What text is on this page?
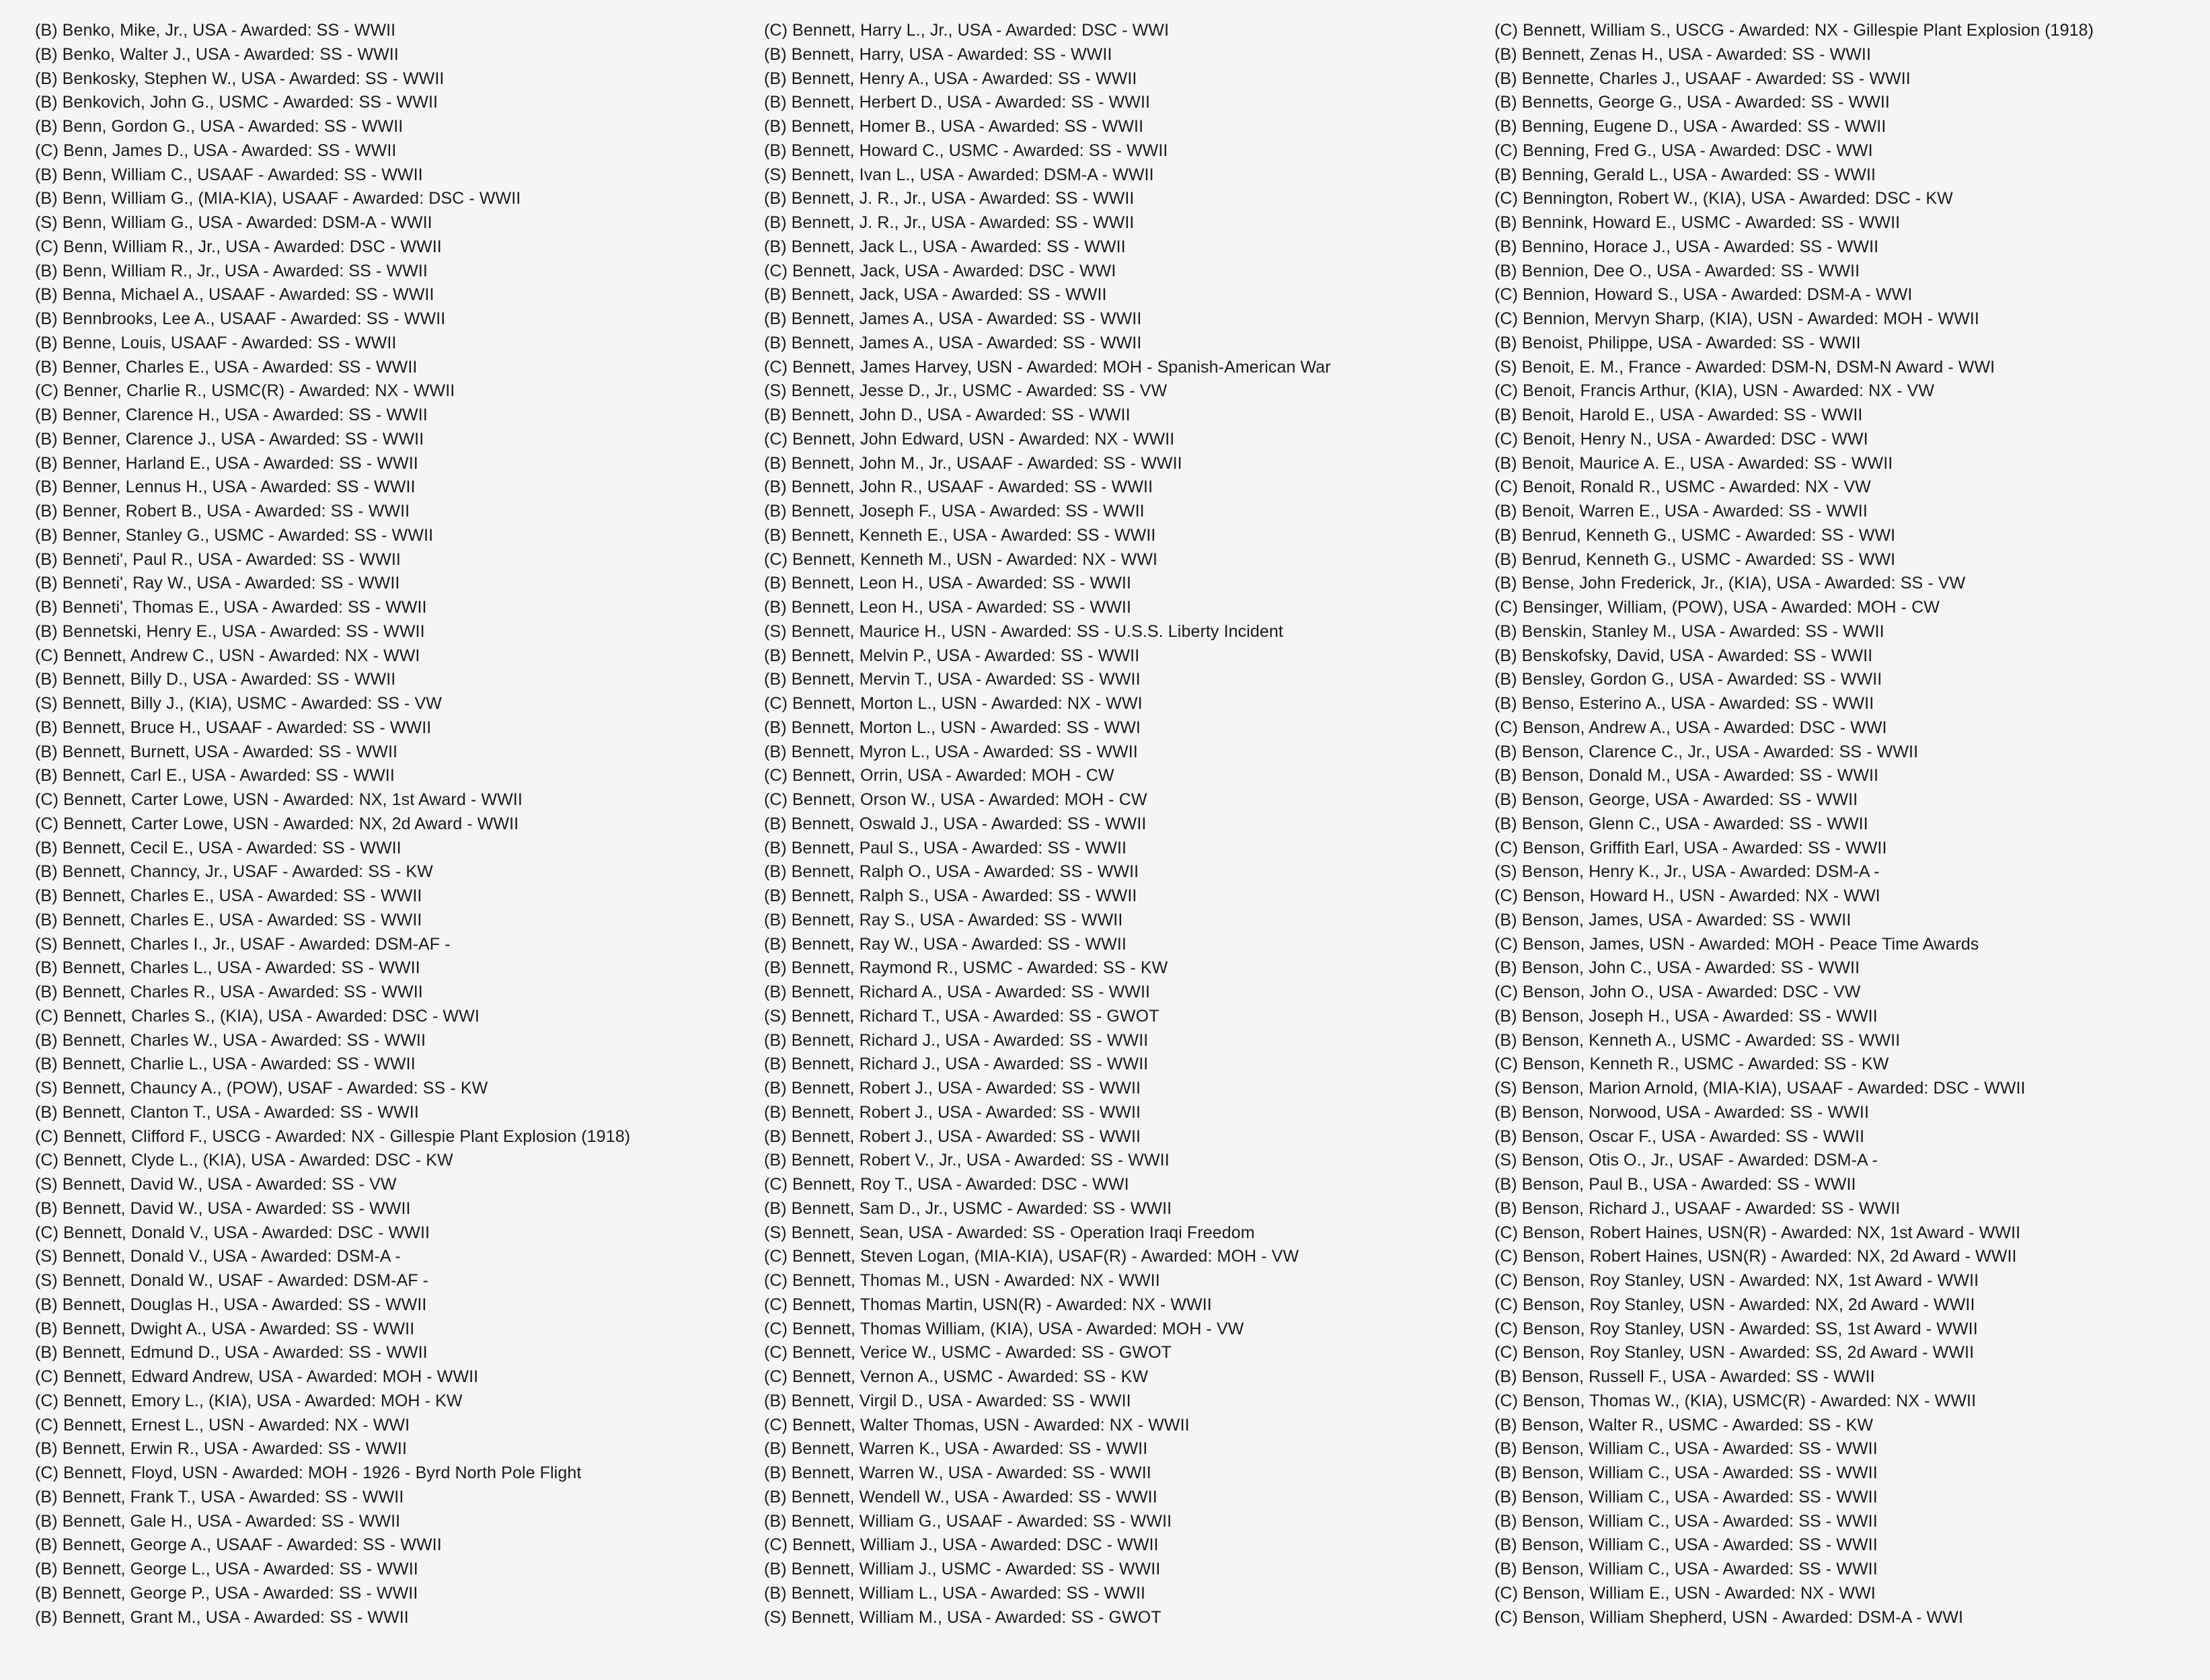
(B) Benko, Mike, Jr., USA - Awarded: SS - WWII
(B) Benko, Walter J., USA - Awarded: SS - WWII
(B) Benkosky, Stephen W., USA - Awarded: SS - WWII
(B) Benkovich, John G., USMC - Awarded: SS - WWII
(B) Benn, Gordon G., USA - Awarded: SS - WWII
(C) Benn, James D., USA - Awarded: SS - WWII
(B) Benn, William C., USAAF - Awarded: SS - WWII
(B) Benn, William G., (MIA-KIA), USAAF - Awarded: DSC - WWII
(S) Benn, William G., USA - Awarded: DSM-A - WWII
(C) Benn, William R., Jr., USA - Awarded: DSC - WWII
(B) Benn, William R., Jr., USA - Awarded: SS - WWII
(B) Benna, Michael A., USAAF - Awarded: SS - WWII
(B) Bennbrooks, Lee A., USAAF - Awarded: SS - WWII
(B) Benne, Louis, USAAF - Awarded: SS - WWII
(B) Benner, Charles E., USA - Awarded: SS - WWII
(C) Benner, Charlie R., USMC(R) - Awarded: NX - WWII
(B) Benner, Clarence H., USA - Awarded: SS - WWII
(B) Benner, Clarence J., USA - Awarded: SS - WWII
(B) Benner, Harland E., USA - Awarded: SS - WWII
(B) Benner, Lennus H., USA - Awarded: SS - WWII
(B) Benner, Robert B., USA - Awarded: SS - WWII
(B) Benner, Stanley G., USMC - Awarded: SS - WWII
(B) Benneti', Paul R., USA - Awarded: SS - WWII
(B) Benneti', Ray W., USA - Awarded: SS - WWII
(B) Benneti', Thomas E., USA - Awarded: SS - WWII
(B) Bennetski, Henry E., USA - Awarded: SS - WWII
(C) Bennett, Andrew C., USN - Awarded: NX - WWI
(B) Bennett, Billy D., USA - Awarded: SS - WWII
(S) Bennett, Billy J., (KIA), USMC - Awarded: SS - VW
(B) Bennett, Bruce H., USAAF - Awarded: SS - WWII
(B) Bennett, Burnett, USA - Awarded: SS - WWII
(B) Bennett, Carl E., USA - Awarded: SS - WWII
(C) Bennett, Carter Lowe, USN - Awarded: NX, 1st Award - WWII
(C) Bennett, Carter Lowe, USN - Awarded: NX, 2d Award - WWII
(B) Bennett, Cecil E., USA - Awarded: SS - WWII
(B) Bennett, Channcy, Jr., USAF - Awarded: SS - KW
(B) Bennett, Charles E., USA - Awarded: SS - WWII
(B) Bennett, Charles E., USA - Awarded: SS - WWII
(S) Bennett, Charles I., Jr., USAF - Awarded: DSM-AF -
(B) Bennett, Charles L., USA - Awarded: SS - WWII
(B) Bennett, Charles R., USA - Awarded: SS - WWII
(C) Bennett, Charles S., (KIA), USA - Awarded: DSC - WWI
(B) Bennett, Charles W., USA - Awarded: SS - WWII
(B) Bennett, Charlie L., USA - Awarded: SS - WWII
(S) Bennett, Chauncy A., (POW), USAF - Awarded: SS - KW
(B) Bennett, Clanton T., USA - Awarded: SS - WWII
(C) Bennett, Clifford F., USCG - Awarded: NX - Gillespie Plant Explosion (1918)
(C) Bennett, Clyde L., (KIA), USA - Awarded: DSC - KW
(S) Bennett, David W., USA - Awarded: SS - VW
(B) Bennett, David W., USA - Awarded: SS - WWII
(C) Bennett, Donald V., USA - Awarded: DSC - WWII
(S) Bennett, Donald V., USA - Awarded: DSM-A -
(S) Bennett, Donald W., USAF - Awarded: DSM-AF -
(B) Bennett, Douglas H., USA - Awarded: SS - WWII
(B) Bennett, Dwight A., USA - Awarded: SS - WWII
(B) Bennett, Edmund D., USA - Awarded: SS - WWII
(C) Bennett, Edward Andrew, USA - Awarded: MOH - WWII
(C) Bennett, Emory L., (KIA), USA - Awarded: MOH - KW
(C) Bennett, Ernest L., USN - Awarded: NX - WWI
(B) Bennett, Erwin R., USA - Awarded: SS - WWII
(C) Bennett, Floyd, USN - Awarded: MOH - 1926 - Byrd North Pole Flight
(B) Bennett, Frank T., USA - Awarded: SS - WWII
(B) Bennett, Gale H., USA - Awarded: SS - WWII
(B) Bennett, George A., USAAF - Awarded: SS - WWII
(B) Bennett, George L., USA - Awarded: SS - WWII
(B) Bennett, George P., USA - Awarded: SS - WWII
(B) Bennett, Grant M., USA - Awarded: SS - WWII
(C) Bennett, Harry L., Jr., USA - Awarded: DSC - WWI
(B) Bennett, Harry, USA - Awarded: SS - WWII
(B) Bennett, Henry A., USA - Awarded: SS - WWII
(B) Bennett, Herbert D., USA - Awarded: SS - WWII
(B) Bennett, Homer B., USA - Awarded: SS - WWII
(B) Bennett, Howard C., USMC - Awarded: SS - WWII
(S) Bennett, Ivan L., USA - Awarded: DSM-A - WWII
(B) Bennett, J. R., Jr., USA - Awarded: SS - WWII
(B) Bennett, J. R., Jr., USA - Awarded: SS - WWII
(B) Bennett, Jack L., USA - Awarded: SS - WWII
(C) Bennett, Jack, USA - Awarded: DSC - WWI
(B) Bennett, Jack, USA - Awarded: SS - WWII
(B) Bennett, James A., USA - Awarded: SS - WWII
(B) Bennett, James A., USA - Awarded: SS - WWII
(C) Bennett, James Harvey, USN - Awarded: MOH - Spanish-American War
(S) Bennett, Jesse D., Jr., USMC - Awarded: SS - VW
(B) Bennett, John D., USA - Awarded: SS - WWII
(C) Bennett, John Edward, USN - Awarded: NX - WWII
(B) Bennett, John M., Jr., USAAF - Awarded: SS - WWII
(B) Bennett, John R., USAAF - Awarded: SS - WWII
(B) Bennett, Joseph F., USA - Awarded: SS - WWII
(B) Bennett, Kenneth E., USA - Awarded: SS - WWII
(C) Bennett, Kenneth M., USN - Awarded: NX - WWI
(B) Bennett, Leon H., USA - Awarded: SS - WWII
(B) Bennett, Leon H., USA - Awarded: SS - WWII
(S) Bennett, Maurice H., USN - Awarded: SS - U.S.S. Liberty Incident
(B) Bennett, Melvin P., USA - Awarded: SS - WWII
(B) Bennett, Mervin T., USA - Awarded: SS - WWII
(C) Bennett, Morton L., USN - Awarded: NX - WWI
(B) Bennett, Morton L., USN - Awarded: SS - WWI
(B) Bennett, Myron L., USA - Awarded: SS - WWII
(C) Bennett, Orrin, USA - Awarded: MOH - CW
(C) Bennett, Orson W., USA - Awarded: MOH - CW
(B) Bennett, Oswald J., USA - Awarded: SS - WWII
(B) Bennett, Paul S., USA - Awarded: SS - WWII
(B) Bennett, Ralph O., USA - Awarded: SS - WWII
(B) Bennett, Ralph S., USA - Awarded: SS - WWII
(B) Bennett, Ray S., USA - Awarded: SS - WWII
(B) Bennett, Ray W., USA - Awarded: SS - WWII
(B) Bennett, Raymond R., USMC - Awarded: SS - KW
(B) Bennett, Richard A., USA - Awarded: SS - WWII
(S) Bennett, Richard T., USA - Awarded: SS - GWOT
(B) Bennett, Richard J., USA - Awarded: SS - WWII
(B) Bennett, Richard J., USA - Awarded: SS - WWII
(B) Bennett, Robert J., USA - Awarded: SS - WWII
(B) Bennett, Robert J., USA - Awarded: SS - WWII
(B) Bennett, Robert J., USA - Awarded: SS - WWII
(B) Bennett, Robert V., Jr., USA - Awarded: SS - WWII
(C) Bennett, Roy T., USA - Awarded: DSC - WWI
(B) Bennett, Sam D., Jr., USMC - Awarded: SS - WWII
(S) Bennett, Sean, USA - Awarded: SS - Operation Iraqi Freedom
(C) Bennett, Steven Logan, (MIA-KIA), USAF(R) - Awarded: MOH - VW
(C) Bennett, Thomas M., USN - Awarded: NX - WWII
(C) Bennett, Thomas Martin, USN(R) - Awarded: NX - WWII
(C) Bennett, Thomas William, (KIA), USA - Awarded: MOH - VW
(C) Bennett, Verice W., USMC - Awarded: SS - GWOT
(C) Bennett, Vernon A., USMC - Awarded: SS - KW
(B) Bennett, Virgil D., USA - Awarded: SS - WWII
(C) Bennett, Walter Thomas, USN - Awarded: NX - WWII
(B) Bennett, Warren K., USA - Awarded: SS - WWII
(B) Bennett, Warren W., USA - Awarded: SS - WWII
(B) Bennett, Wendell W., USA - Awarded: SS - WWII
(B) Bennett, William G., USAAF - Awarded: SS - WWII
(C) Bennett, William J., USA - Awarded: DSC - WWII
(B) Bennett, William J., USMC - Awarded: SS - WWII
(B) Bennett, William L., USA - Awarded: SS - WWII
(S) Bennett, William M., USA - Awarded: SS - GWOT
(C) Bennett, William S., USCG - Awarded: NX - Gillespie Plant Explosion (1918)
(B) Bennett, Zenas H., USA - Awarded: SS - WWII
(B) Bennette, Charles J., USAAF - Awarded: SS - WWII
(B) Bennetts, George G., USA - Awarded: SS - WWII
(B) Benning, Eugene D., USA - Awarded: SS - WWII
(C) Benning, Fred G., USA - Awarded: DSC - WWI
(B) Benning, Gerald L., USA - Awarded: SS - WWII
(C) Bennington, Robert W., (KIA), USA - Awarded: DSC - KW
(B) Bennink, Howard E., USMC - Awarded: SS - WWII
(B) Bennino, Horace J., USA - Awarded: SS - WWII
(B) Bennion, Dee O., USA - Awarded: SS - WWII
(C) Bennion, Howard S., USA - Awarded: DSM-A - WWI
(C) Bennion, Mervyn Sharp, (KIA), USN - Awarded: MOH - WWII
(B) Benoist, Philippe, USA - Awarded: SS - WWII
(S) Benoit, E. M., France - Awarded: DSM-N, DSM-N Award - WWI
(C) Benoit, Francis Arthur, (KIA), USN - Awarded: NX - VW
(B) Benoit, Harold E., USA - Awarded: SS - WWII
(C) Benoit, Henry N., USA - Awarded: DSC - WWI
(B) Benoit, Maurice A. E., USA - Awarded: SS - WWII
(C) Benoit, Ronald R., USMC - Awarded: NX - VW
(B) Benoit, Warren E., USA - Awarded: SS - WWII
(B) Benrud, Kenneth G., USMC - Awarded: SS - WWI
(B) Benrud, Kenneth G., USMC - Awarded: SS - WWI
(B) Bense, John Frederick, Jr., (KIA), USA - Awarded: SS - VW
(C) Bensinger, William, (POW), USA - Awarded: MOH - CW
(B) Benskin, Stanley M., USA - Awarded: SS - WWII
(B) Benskofsky, David, USA - Awarded: SS - WWII
(B) Bensley, Gordon G., USA - Awarded: SS - WWII
(B) Benso, Esterino A., USA - Awarded: SS - WWII
(C) Benson, Andrew A., USA - Awarded: DSC - WWI
(B) Benson, Clarence C., Jr., USA - Awarded: SS - WWII
(B) Benson, Donald M., USA - Awarded: SS - WWII
(B) Benson, George, USA - Awarded: SS - WWII
(B) Benson, Glenn C., USA - Awarded: SS - WWII
(C) Benson, Griffith Earl, USA - Awarded: SS - WWII
(S) Benson, Henry K., Jr., USA - Awarded: DSM-A -
(C) Benson, Howard H., USN - Awarded: NX - WWI
(B) Benson, James, USA - Awarded: SS - WWII
(C) Benson, James, USN - Awarded: MOH - Peace Time Awards
(B) Benson, John C., USA - Awarded: SS - WWII
(C) Benson, John O., USA - Awarded: DSC - VW
(B) Benson, Joseph H., USA - Awarded: SS - WWII
(B) Benson, Kenneth A., USMC - Awarded: SS - WWII
(C) Benson, Kenneth R., USMC - Awarded: SS - KW
(S) Benson, Marion Arnold, (MIA-KIA), USAAF - Awarded: DSC - WWII
(B) Benson, Norwood, USA - Awarded: SS - WWII
(B) Benson, Oscar F., USA - Awarded: SS - WWII
(S) Benson, Otis O., Jr., USAF - Awarded: DSM-A -
(B) Benson, Paul B., USA - Awarded: SS - WWII
(B) Benson, Richard J., USAAF - Awarded: SS - WWII
(C) Benson, Robert Haines, USN(R) - Awarded: NX, 1st Award - WWII
(C) Benson, Robert Haines, USN(R) - Awarded: NX, 2d Award - WWII
(C) Benson, Roy Stanley, USN - Awarded: NX, 1st Award - WWII
(C) Benson, Roy Stanley, USN - Awarded: NX, 2d Award - WWII
(C) Benson, Roy Stanley, USN - Awarded: SS, 1st Award - WWII
(C) Benson, Roy Stanley, USN - Awarded: SS, 2d Award - WWII
(B) Benson, Russell F., USA - Awarded: SS - WWII
(C) Benson, Thomas W., (KIA), USMC(R) - Awarded: NX - WWII
(B) Benson, Walter R., USMC - Awarded: SS - KW
(B) Benson, William C., USA - Awarded: SS - WWII
(B) Benson, William C., USA - Awarded: SS - WWII
(B) Benson, William C., USA - Awarded: SS - WWII
(B) Benson, William C., USA - Awarded: SS - WWII
(B) Benson, William C., USA - Awarded: SS - WWII
(B) Benson, William C., USA - Awarded: SS - WWII
(C) Benson, William E., USN - Awarded: NX - WWI
(C) Benson, William Shepherd, USN - Awarded: DSM-A - WWI
